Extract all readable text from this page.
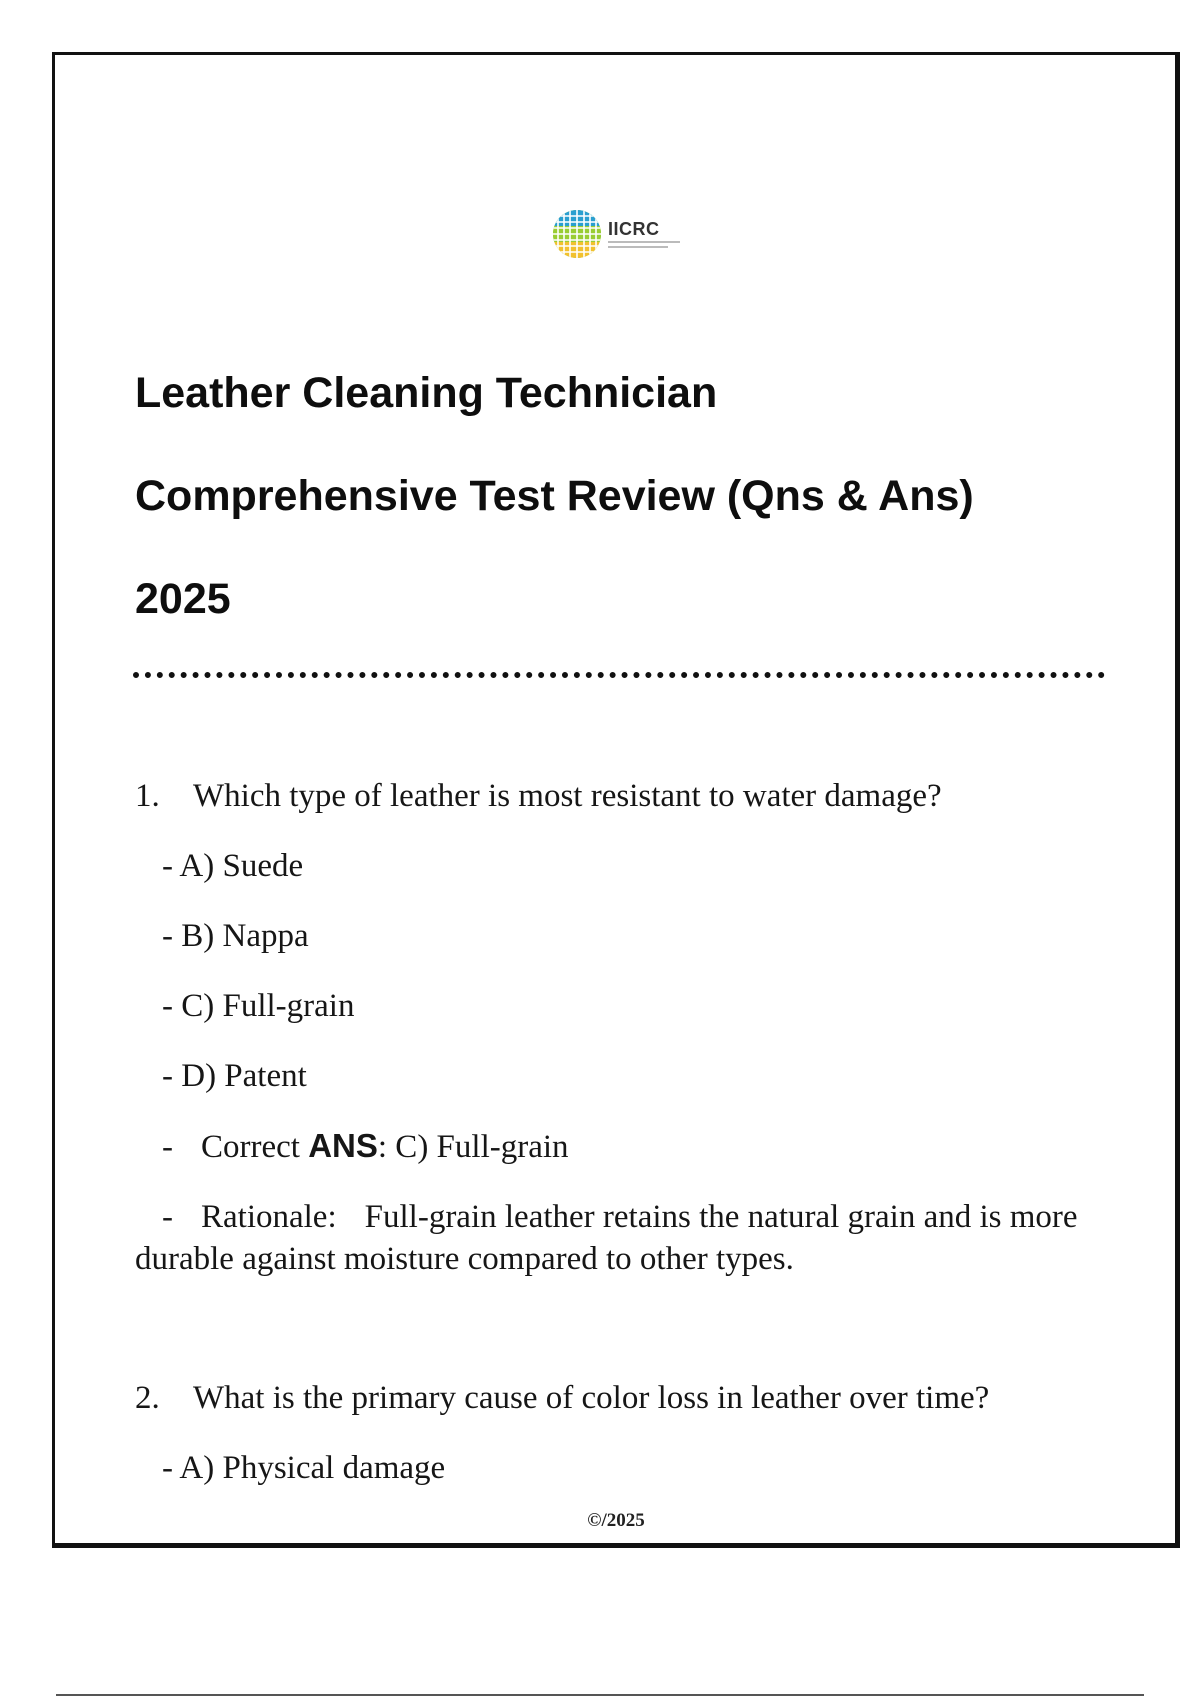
IICRC
Leather Cleaning Technician
Comprehensive Test Review (Qns & Ans)
2025
1. Which type of leather is most resistant to water damage?
- A) Suede
- B) Nappa
- C) Full-grain
- D) Patent
- Correct ANS: C) Full-grain
- Rationale: Full-grain leather retains the natural grain and is more durable against moisture compared to other types.
2. What is the primary cause of color loss in leather over time?
- A) Physical damage
©/2025
